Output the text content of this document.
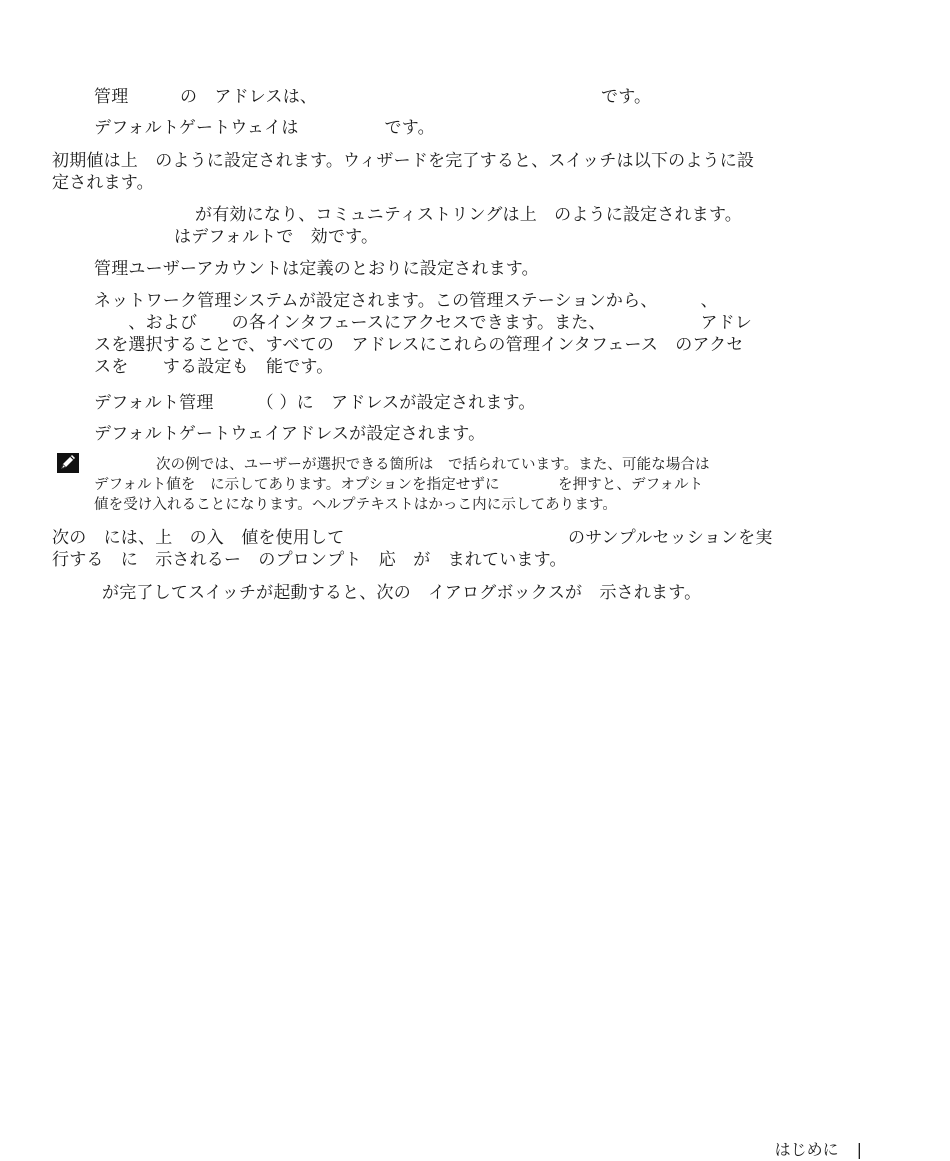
管理　　　の　アドレスは、　　　　　　　　　　　　　　　　　です。
デフォルトゲートウェイは　　　　　です。
初期値は上　のように設定されます。ウィザードを完了すると、スイッチは以下のように設
定されます。
が有効になり、コミュニティストリングは上　のように設定されます。
はデフォルトで　効です。
管理ユーザーアカウントは定義のとおりに設定されます。
ネットワーク管理システムが設定されます。この管理ステーションから、　　　、
　　、および　　の各インタフェースにアクセスできます。また、　　　　　　アドレ
スを選択することで、すべての　アドレスにこれらの管理インタフェース　のアクセ
スを　　する設定も　能です。
デフォルト管理　　　（ ）に　アドレスが設定されます。
デフォルトゲートウェイアドレスが設定されます。
次の例では、ユーザーが選択できる箇所は　で括られています。また、可能な場合は
デフォルト値を　に示してあります。オプションを指定せずに　　　　を押すと、デフォルト
値を受け入れることになります。ヘルプテキストはかっこ内に示してあります。
次の　には、上　の入　値を使用して　　　　　　　　　　　　　のサンプルセッションを実
行する　に　示されるー　のプロンプト　応　が　まれています。
が完了してスイッチが起動すると、次の　イアログボックスが　示されます。
はじめに |
